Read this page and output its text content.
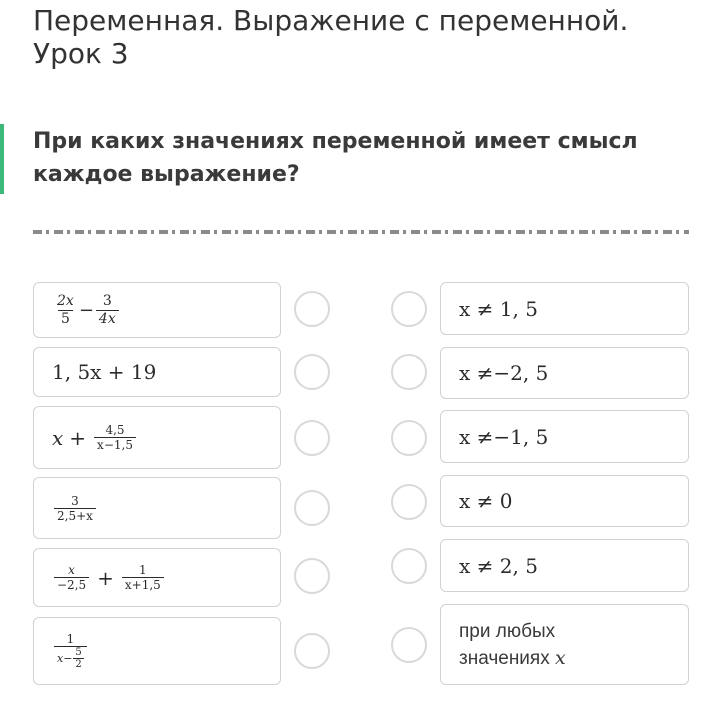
Переменная. Выражение с переменной.
Урок 3

При каких значениях переменной имеет смысл
каждое выражение?

$\frac{2x}{5} - \frac{3}{4x}$
1, 5x + 19
$x + \frac{4,5}{x-1,5}$
$\frac{3}{2,5+x}$
$\frac{x}{-2,5} + \frac{1}{x+1,5}$
$\frac{1}{x- \frac{5}{2}}$
x ≠ 1, 5
x ≠−2, 5
x ≠−1, 5
x ≠ 0
x ≠ 2, 5
при любых
значениях x
